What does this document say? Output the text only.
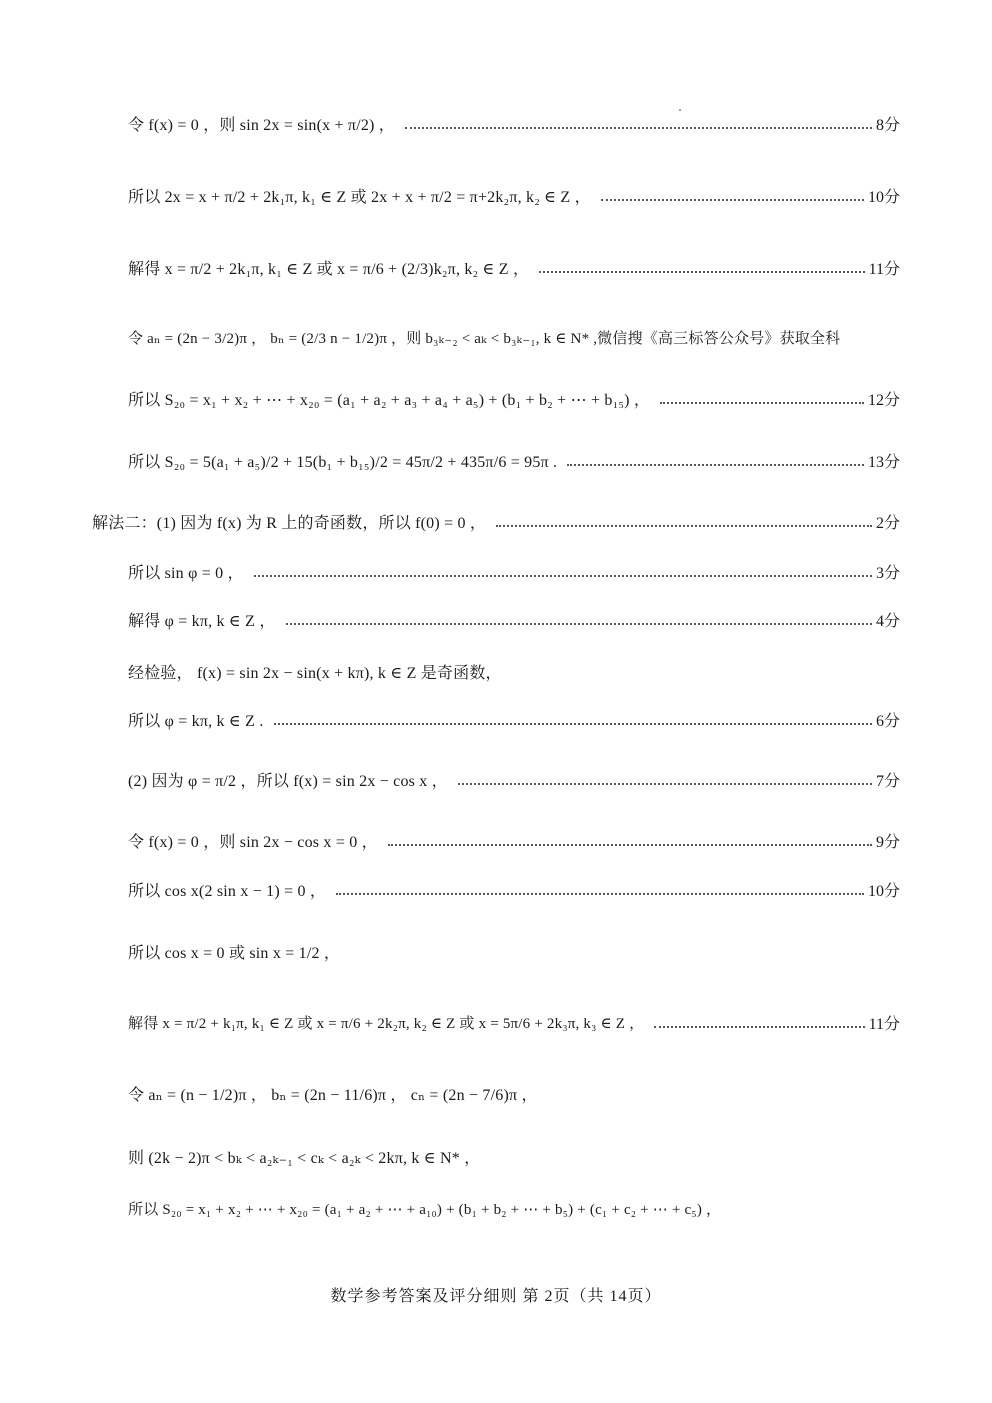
令 f(x) = 0 ，则 sin 2x = sin(x + π/2) ，	8分
所以 2x = x + π/2 + 2k₁π, k₁ ∈ Z 或 2x + x + π/2 = π+2k₂π, k₂ ∈ Z ，	10分
解得 x = π/2 + 2k₁π, k₁ ∈ Z 或 x = π/6 + (2/3)k₂π, k₂ ∈ Z ，	11分
令 aₙ = (2n − 3/2)π ， bₙ = (2/3 n − 1/2)π ，则 b₃ₖ₋₂ < aₖ < b₃ₖ₋₁, k ∈ N* ,微信搜《高三标答公众号》获取全科
所以 S₂₀ = x₁ + x₂ + ⋯ + x₂₀ = (a₁ + a₂ + a₃ + a₄ + a₅) + (b₁ + b₂ + ⋯ + b₁₅) ，	12分
所以 S₂₀ = 5(a₁ + a₅)/2 + 15(b₁ + b₁₅)/2 = 45π/2 + 435π/6 = 95π .	13分
解法二：(1) 因为 f(x) 为 R 上的奇函数，所以 f(0) = 0 ，	2分
所以 sin φ = 0 ，	3分
解得 φ = kπ, k ∈ Z ，	4分
经检验， f(x) = sin 2x − sin(x + kπ), k ∈ Z 是奇函数，
所以 φ = kπ, k ∈ Z .	6分
(2) 因为 φ = π/2 ，所以 f(x) = sin 2x − cos x ，	7分
令 f(x) = 0 ，则 sin 2x − cos x = 0 ，	9分
所以 cos x(2 sin x − 1) = 0 ，	10分
所以 cos x = 0 或 sin x = 1/2 ，
解得 x = π/2 + k₁π, k₁ ∈ Z 或 x = π/6 + 2k₂π, k₂ ∈ Z 或 x = 5π/6 + 2k₃π, k₃ ∈ Z ，	11分
令 aₙ = (n − 1/2)π ， bₙ = (2n − 11/6)π ， cₙ = (2n − 7/6)π ，
则 (2k − 2)π < bₖ < a₂ₖ₋₁ < cₖ < a₂ₖ < 2kπ, k ∈ N* ，
所以 S₂₀ = x₁ + x₂ + ⋯ + x₂₀ = (a₁ + a₂ + ⋯ + a₁₀) + (b₁ + b₂ + ⋯ + b₅) + (c₁ + c₂ + ⋯ + c₅) ，
数学参考答案及评分细则 第 2页（共 14页）
